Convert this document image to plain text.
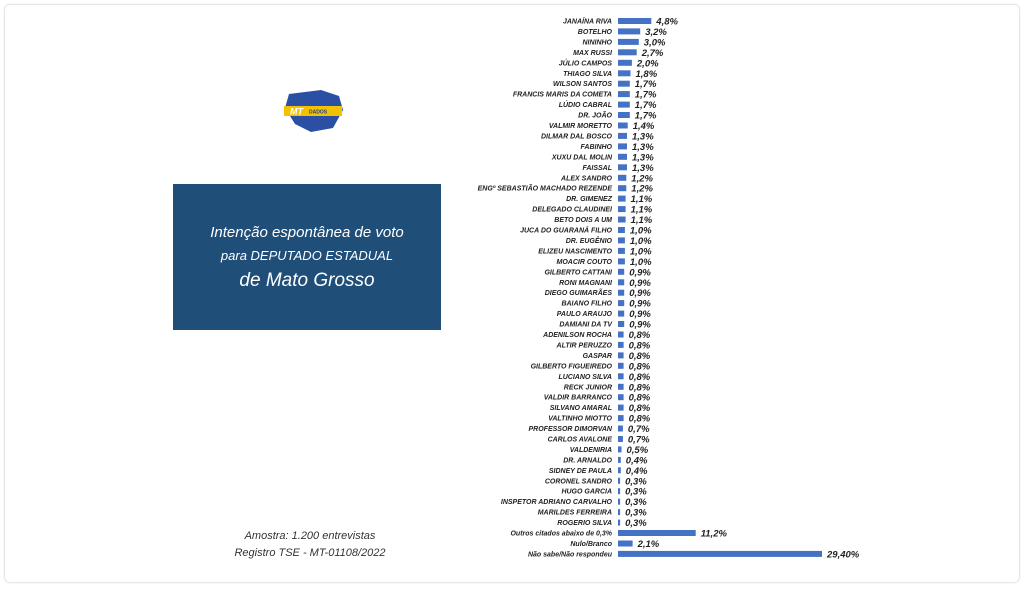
MT DADOS
Intenção espontânea de voto
para DEPUTADO ESTADUAL
de Mato Grosso
Amostra: 1.200 entrevistas
Registro TSE - MT-01108/2022
JANAÍNA RIVA	4,8%
BOTELHO	3,2%
NININHO	3,0%
MAX RUSSI	2,7%
JÚLIO CAMPOS	2,0%
THIAGO SILVA 1,8%
WILSON SANTOS 1,7%
FRANCIS MARIS DA COMETA 1,7%
LÚDIO CABRAL 1,7%
DR. JOÃO 1,7%
VALMIR MORETTO 1,4%
DILMAR DAL BOSCO 1,3%
FABINHO 1,3%
XUXU DAL MOLIN 1,3%
FAISSAL 1,3%
ALEX SANDRO 1,2%
ENGº SEBASTIÃO MACHADO REZENDE 1,2%
DR. GIMENEZ 1,1%
DELEGADO CLAUDINEI 1,1%
BETO DOIS A UM 1,1%
JUCA DO GUARANÁ FILHO 1,0%
DR. EUGÊNIO 1,0%
ELIZEU NASCIMENTO 1,0%
MOACIR COUTO 1,0%
GILBERTO CATTANI 0,9%
RONI MAGNANI 0,9%
DIEGO GUIMARÃES 0,9%
BAIANO FILHO 0,9%
PAULO ARAUJO 0,9%
DAMIANI DA TV 0,9%
ADENILSON ROCHA 0,8%
ALTIR PERUZZO 0,8%
GASPAR 0,8%
GILBERTO FIGUEIREDO 0,8%
LUCIANO SILVA 0,8%
RECK JUNIOR 0,8%
VALDIR BARRANCO 0,8%
SILVANO AMARAL 0,8%
VALTINHO MIOTTO 0,8%
PROFESSOR DIMORVAN 0,7%
CARLOS AVALONE 0,7%
VALDENIRIA 0,5%
DR. ARNALDO 0,4%
SIDNEY DE PAULA 0,4%
CORONEL SANDRO 0,3%
HUGO GARCIA 0,3%
INSPETOR ADRIANO CARVALHO 0,3%
MARILDES FERREIRA 0,3%
ROGERIO SILVA 0,3%
Outros citados abaixo de 0,3%	11,2%
Nulo/Branco	2,1%
Não sabe/Não respondeu	29,40%
